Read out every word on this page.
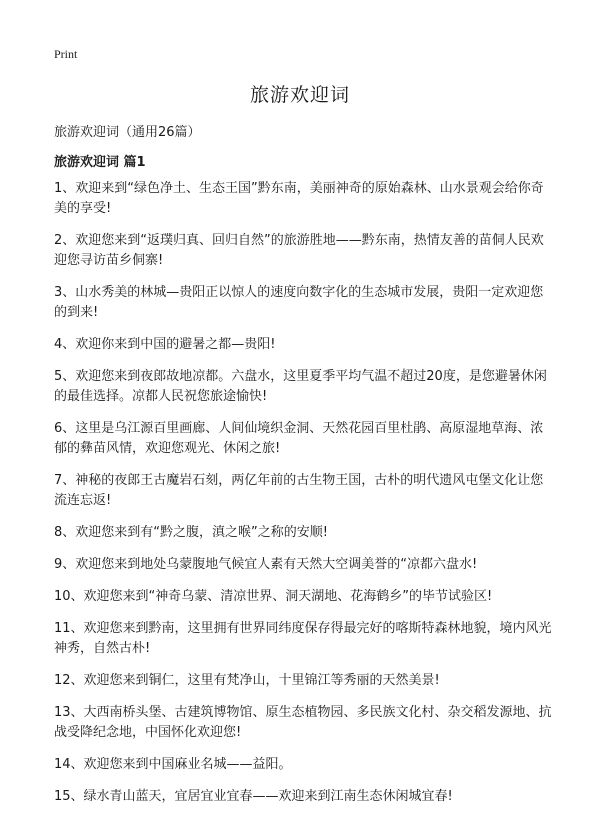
Print
旅游欢迎词

旅游欢迎词（通用26篇）

旅游欢迎词 篇1

1、欢迎来到“绿色净土、生态王国”黔东南，美丽神奇的原始森林、山水景观会给你奇美的享受!
2、欢迎您来到“返璞归真、回归自然”的旅游胜地——黔东南，热情友善的苗侗人民欢迎您寻访苗乡侗寨!
3、山水秀美的林城—贵阳正以惊人的速度向数字化的生态城市发展，贵阳一定欢迎您的到来!
4、欢迎你来到中国的避暑之都—贵阳!
5、欢迎您来到夜郎故地凉都。六盘水，这里夏季平均气温不超过20度，是您避暑休闲的最佳选择。凉都人民祝您旅途愉快!
6、这里是乌江源百里画廊、人间仙境织金洞、天然花园百里杜鹃、高原湿地草海、浓郁的彝苗风情，欢迎您观光、休闲之旅!
7、神秘的夜郎王古魔岩石刻，两亿年前的古生物王国，古朴的明代遗风屯堡文化让您流连忘返!
8、欢迎您来到有“黔之腹，滇之喉”之称的安顺!
9、欢迎您来到地处乌蒙腹地气候宜人素有天然大空调美誉的“凉都六盘水!
10、欢迎您来到“神奇乌蒙、清凉世界、洞天湖地、花海鹤乡”的毕节试验区!
11、欢迎您来到黔南，这里拥有世界同纬度保存得最完好的喀斯特森林地貌，境内风光神秀，自然古朴!
12、欢迎您来到铜仁，这里有梵净山，十里锦江等秀丽的天然美景!
13、大西南桥头堡、古建筑博物馆、原生态植物园、多民族文化村、杂交稻发源地、抗战受降纪念地，中国怀化欢迎您!
14、欢迎您来到中国麻业名城——益阳。
15、绿水青山蓝天，宜居宜业宜春——欢迎来到江南生态休闲城宜春!
